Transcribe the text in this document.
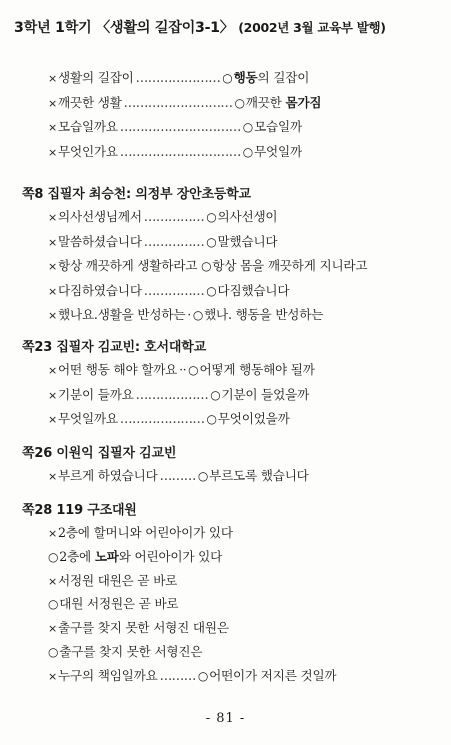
3학년 1학기 〈생활의 길잡이3-1〉 (2002년 3월 교육부 발행)
×생활의 길잡이 ………………… ○행동의 길잡이
×깨끗한 생활 ……………………… ○깨끗한 몸가짐
×모습일까요 ………………………… ○모습일까
×무엇인가요 ………………………… ○무엇일까
쪽8 집필자 최승천: 의정부 장안초등학교
×의사선생님께서 …………… ○의사선생이
×말씀하셨습니다 …………… ○말했습니다
×항상 깨끗하게 생활하라고 ○항상 몸을 깨끗하게 지니라고
×다짐하였습니다 …………… ○다짐했습니다
×했나요.생활을 반성하는 · ○했나. 행동을 반성하는
쪽23 집필자 김교빈: 호서대학교
×어떤 행동 해야 할까요 ·· ○어떻게 행동해야 될까
×기분이 들까요 ……………… ○기분이 들었을까
×무엇일까요 ………………… ○무엇이었을까
쪽26 이원익 집필자 김교빈
×부르게 하였습니다 ……… ○부르도록 했습니다
쪽28 119 구조대원
×2층에 할머니와 어린아이가 있다
○2층에 노파와 어린아이가 있다
×서정원 대원은 곧 바로
○대원 서정원은 곧 바로
×출구를 찾지 못한 서형진 대원은
○출구를 찾지 못한 서형진은
×누구의 책임일까요 ……… ○어떤이가 저지른 것일까
- 81 -
